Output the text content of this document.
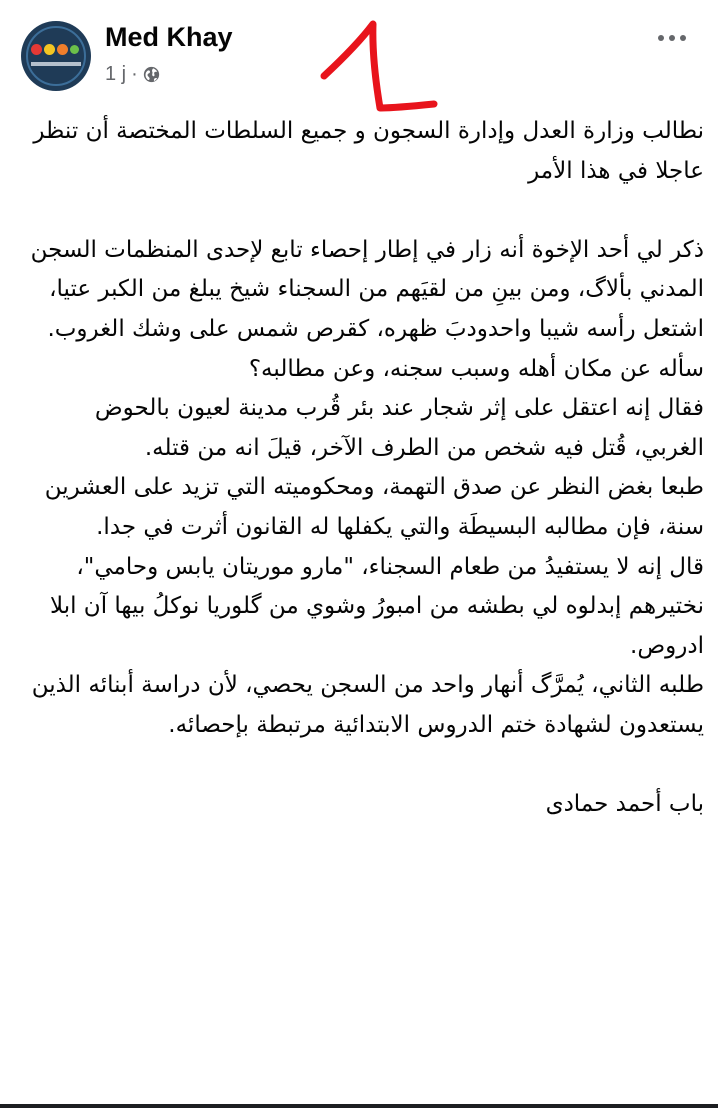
Med Khay
1 j ·

نطالب وزارة العدل وإدارة السجون و جميع السلطات المختصة أن تنظر عاجلا في هذا الأمر

ذكر لي أحد الإخوة أنه زار في إطار إحصاء تابع لإحدى المنظمات السجن المدني بألاگ، ومن بينِ من لقيَهم من السجناء شيخ يبلغ من الكبر عتيا، اشتعل رأسه شيبا واحدودبَ ظهره، كقرص شمس على وشك الغروب.

سأله عن مكان أهله وسبب سجنه، وعن مطالبه؟

فقال إنه اعتقل على إثر شجار عند بئر قُرب مدينة لعيون بالحوض الغربي، قُتل فيه شخص من الطرف الآخر، قيلَ انه من قتله.

طبعا بغض النظر عن صدق التهمة، ومحكوميته التي تزيد على العشرين سنة، فإن مطالبه البسيطَة والتي يكفلها له القانون أثرت في جدا.

قال إنه لا يستفيدُ من طعام السجناء، "مارو موريتان يابس وحامي"، نختيرهم إبدلوه لي بطشه من امبورُ وشوي من گلوريا نوكلُ بيها آن ابلا ادروص.

طلبه الثاني، يُمرَّگ أنهار واحد من السجن يحصي، لأن دراسة أبنائه الذين يستعدون لشهادة ختم الدروس الابتدائية مرتبطة بإحصائه.

باب أحمد حمادى
